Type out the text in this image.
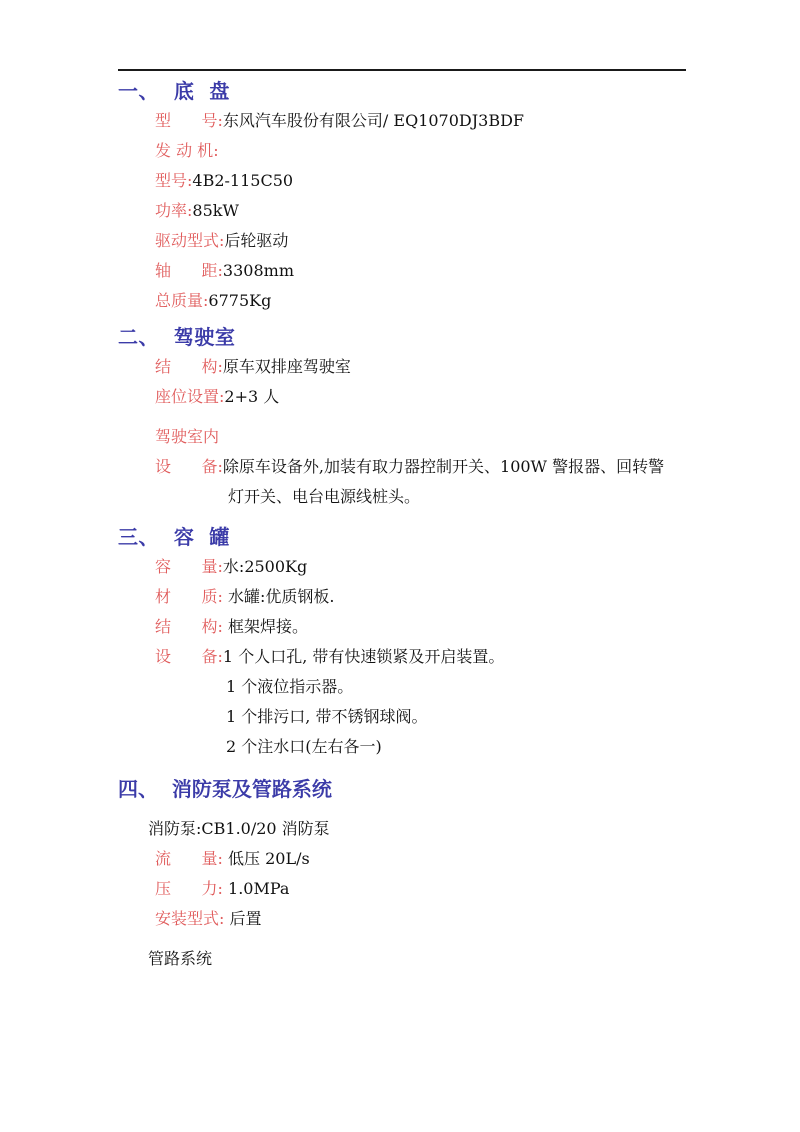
一、  底  盘
型      号:东风汽车股份有限公司/ EQ1070DJ3BDF
发 动 机:
型号:4B2-115C50
功率:85kW
驱动型式:后轮驱动
轴      距:3308mm
总质量:6775Kg
二、  驾驶室
结      构:原车双排座驾驶室
座位设置:2+3 人
驾驶室内
设      备:除原车设备外,加装有取力器控制开关、100W 警报器、回转警
灯开关、电台电源线桩头。
三、  容  罐
容      量:水:2500Kg
材      质: 水罐:优质钢板.
结      构: 框架焊接。
设      备:1 个人口孔, 带有快速锁紧及开启装置。
1 个液位指示器。
1 个排污口, 带不锈钢球阀。
2 个注水口(左右各一)
四、  消防泵及管路系统
消防泵:CB1.0/20 消防泵
流      量: 低压 20L/s
压      力: 1.0MPa
安装型式: 后置
管路系统
